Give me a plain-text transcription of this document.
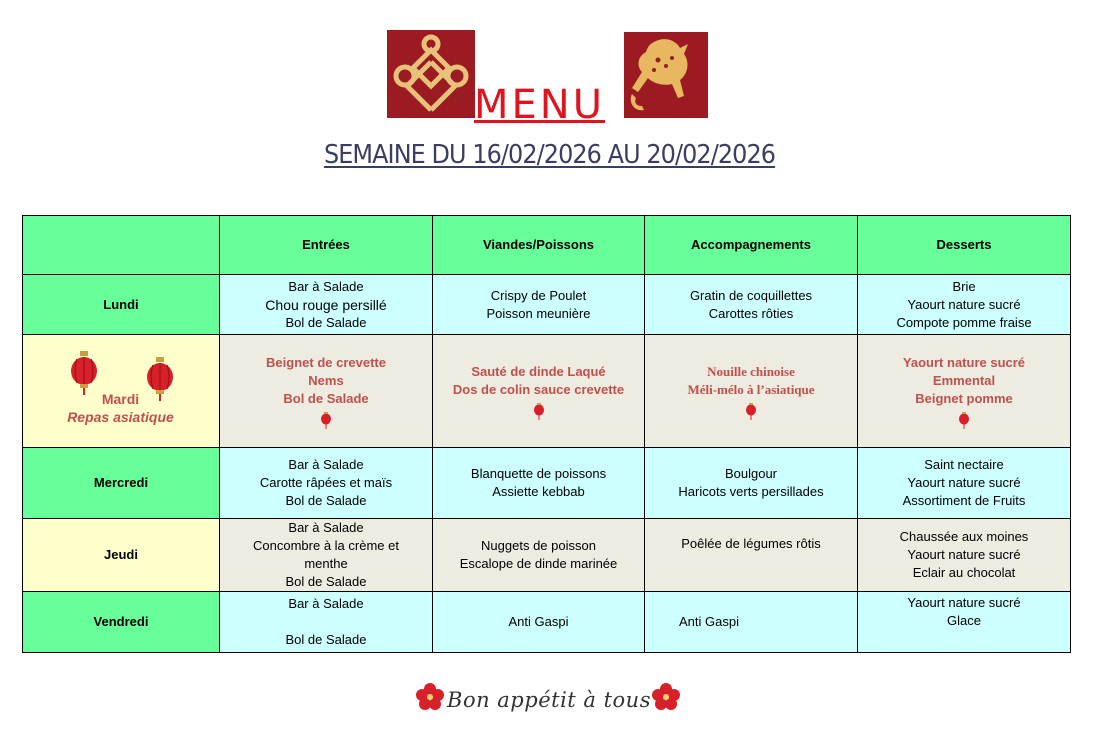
MENU
SEMAINE DU 16/02/2026 AU 20/02/2026
	Entrées	Viandes/Poissons	Accompagnements	Desserts
Lundi	Bar à Salade
Chou rouge persillé
Bol de Salade	Crispy de Poulet
Poisson meunière	Gratin de coquillettes
Carottes rôties	Brie
Yaourt nature sucré
Compote pomme fraise

Mardi
Repas asiatique	Beignet de crevette
Nems
Bol de Salade	Sauté de dinde Laqué
Dos de colin sauce crevette	Nouille chinoise
Méli-mélo à l’asiatique	Yaourt nature sucré
Emmental
Beignet pomme

Mercredi	Bar à Salade
Carotte râpées et maïs
Bol de Salade	Blanquette de poissons
Assiette kebbab	Boulgour
Haricots verts persillades	Saint nectaire
Yaourt nature sucré
Assortiment de Fruits

Jeudi	Bar à Salade
Concombre à la crème et
menthe
Bol de Salade	Nuggets de poisson
Escalope de dinde marinée	Poêlée de légumes rôtis	Chaussée aux moines
Yaourt nature sucré
Eclair au chocolat

Vendredi	Bar à Salade
Bol de Salade	Anti Gaspi	Anti Gaspi	Yaourt nature sucré
Glace
Bon appétit à tous
